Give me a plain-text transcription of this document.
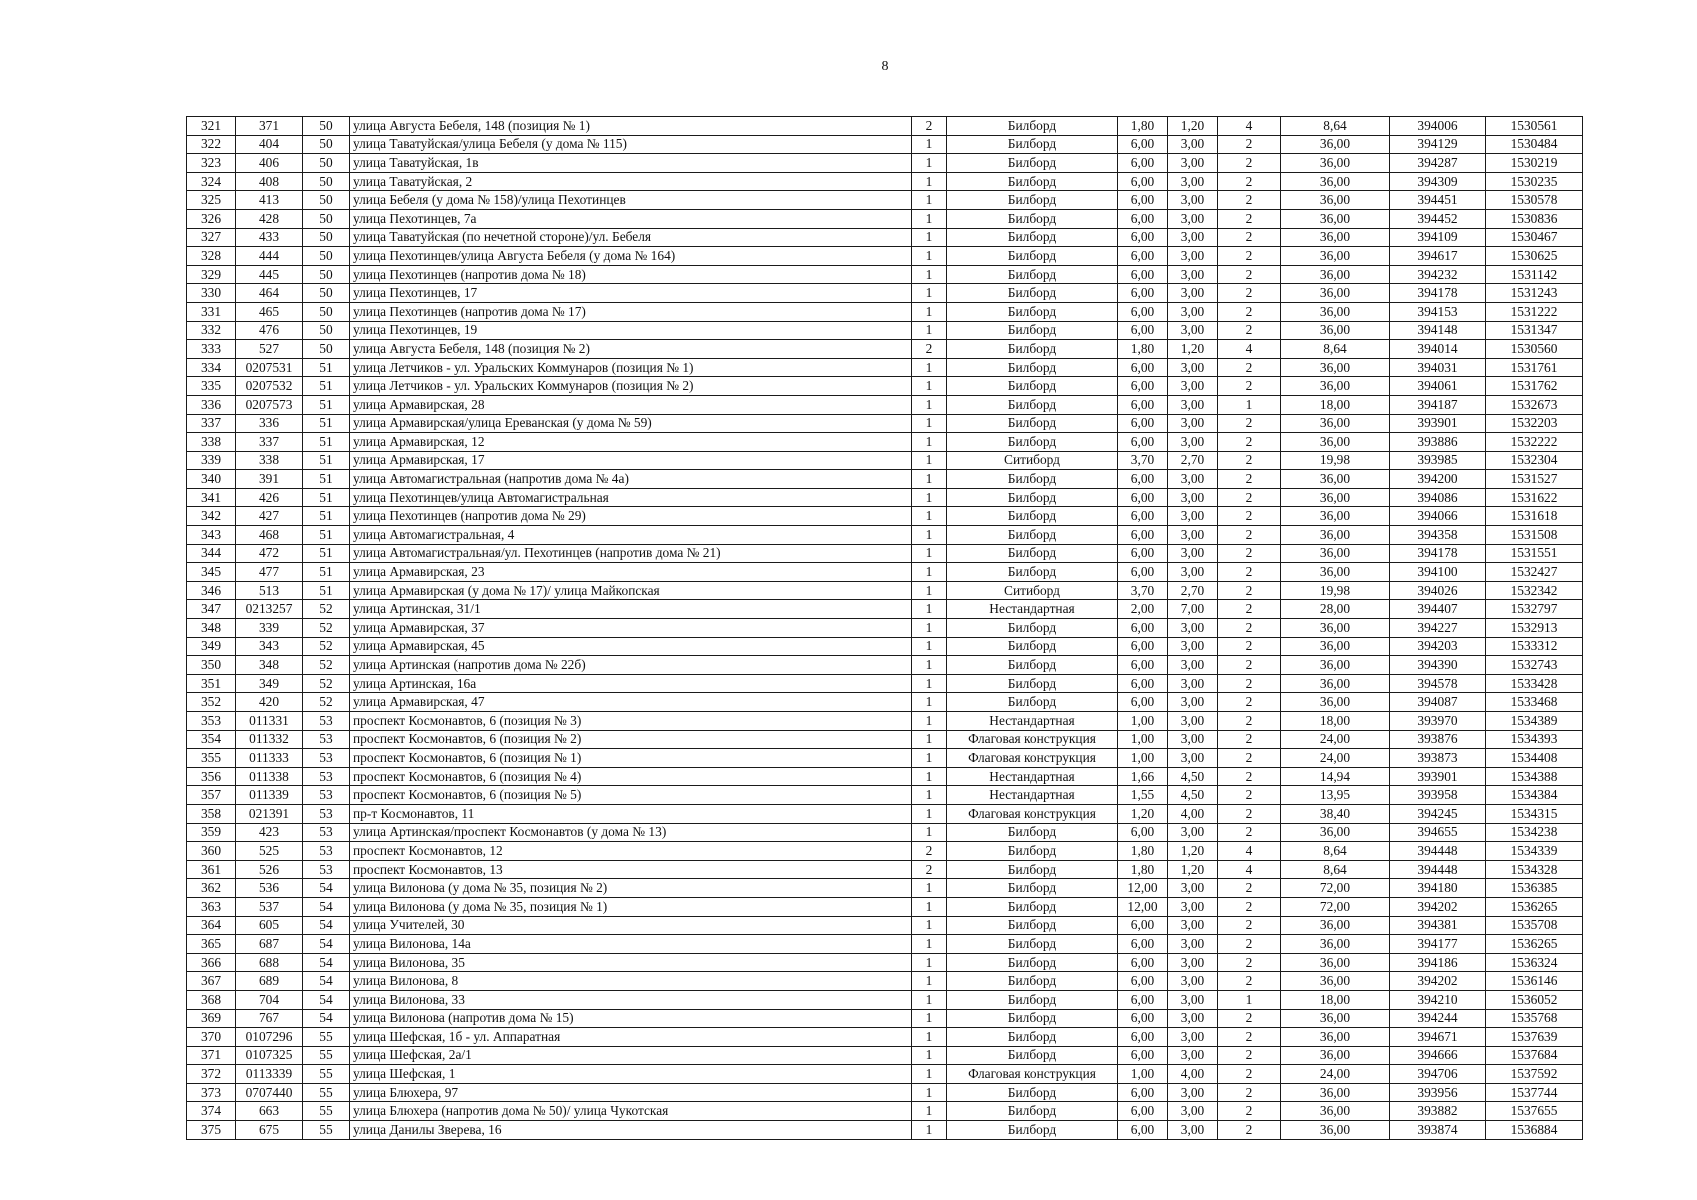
8
321	371	50	улица Августа Бебеля, 148 (позиция № 1)	2	Билборд	1,80	1,20	4	8,64	394006	1530561
322	404	50	улица Таватуйская/улица Бебеля (у дома № 115)	1	Билборд	6,00	3,00	2	36,00	394129	1530484
323	406	50	улица Таватуйская, 1в	1	Билборд	6,00	3,00	2	36,00	394287	1530219
324	408	50	улица Таватуйская, 2	1	Билборд	6,00	3,00	2	36,00	394309	1530235
325	413	50	улица Бебеля (у дома № 158)/улица Пехотинцев	1	Билборд	6,00	3,00	2	36,00	394451	1530578
326	428	50	улица Пехотинцев, 7а	1	Билборд	6,00	3,00	2	36,00	394452	1530836
327	433	50	улица Таватуйская (по нечетной стороне)/ул. Бебеля	1	Билборд	6,00	3,00	2	36,00	394109	1530467
328	444	50	улица Пехотинцев/улица Августа Бебеля (у дома № 164)	1	Билборд	6,00	3,00	2	36,00	394617	1530625
329	445	50	улица Пехотинцев (напротив дома № 18)	1	Билборд	6,00	3,00	2	36,00	394232	1531142
330	464	50	улица Пехотинцев, 17	1	Билборд	6,00	3,00	2	36,00	394178	1531243
331	465	50	улица Пехотинцев (напротив дома № 17)	1	Билборд	6,00	3,00	2	36,00	394153	1531222
332	476	50	улица Пехотинцев, 19	1	Билборд	6,00	3,00	2	36,00	394148	1531347
333	527	50	улица Августа Бебеля, 148 (позиция № 2)	2	Билборд	1,80	1,20	4	8,64	394014	1530560
334	0207531	51	улица Летчиков - ул. Уральских Коммунаров (позиция № 1)	1	Билборд	6,00	3,00	2	36,00	394031	1531761
335	0207532	51	улица Летчиков - ул. Уральских Коммунаров (позиция № 2)	1	Билборд	6,00	3,00	2	36,00	394061	1531762
336	0207573	51	улица Армавирская, 28	1	Билборд	6,00	3,00	1	18,00	394187	1532673
337	336	51	улица Армавирская/улица Ереванская (у дома № 59)	1	Билборд	6,00	3,00	2	36,00	393901	1532203
338	337	51	улица Армавирская, 12	1	Билборд	6,00	3,00	2	36,00	393886	1532222
339	338	51	улица Армавирская, 17	1	Ситиборд	3,70	2,70	2	19,98	393985	1532304
340	391	51	улица Автомагистральная (напротив дома № 4а)	1	Билборд	6,00	3,00	2	36,00	394200	1531527
341	426	51	улица Пехотинцев/улица Автомагистральная	1	Билборд	6,00	3,00	2	36,00	394086	1531622
342	427	51	улица Пехотинцев (напротив дома № 29)	1	Билборд	6,00	3,00	2	36,00	394066	1531618
343	468	51	улица Автомагистральная, 4	1	Билборд	6,00	3,00	2	36,00	394358	1531508
344	472	51	улица Автомагистральная/ул. Пехотинцев (напротив дома № 21)	1	Билборд	6,00	3,00	2	36,00	394178	1531551
345	477	51	улица Армавирская, 23	1	Билборд	6,00	3,00	2	36,00	394100	1532427
346	513	51	улица Армавирская (у дома № 17)/ улица Майкопская	1	Ситиборд	3,70	2,70	2	19,98	394026	1532342
347	0213257	52	улица Артинская, 31/1	1	Нестандартная	2,00	7,00	2	28,00	394407	1532797
348	339	52	улица Армавирская, 37	1	Билборд	6,00	3,00	2	36,00	394227	1532913
349	343	52	улица Армавирская, 45	1	Билборд	6,00	3,00	2	36,00	394203	1533312
350	348	52	улица Артинская (напротив дома № 22б)	1	Билборд	6,00	3,00	2	36,00	394390	1532743
351	349	52	улица Артинская, 16а	1	Билборд	6,00	3,00	2	36,00	394578	1533428
352	420	52	улица Армавирская, 47	1	Билборд	6,00	3,00	2	36,00	394087	1533468
353	011331	53	проспект Космонавтов, 6 (позиция № 3)	1	Нестандартная	1,00	3,00	2	18,00	393970	1534389
354	011332	53	проспект Космонавтов, 6 (позиция № 2)	1	Флаговая конструкция	1,00	3,00	2	24,00	393876	1534393
355	011333	53	проспект Космонавтов, 6 (позиция № 1)	1	Флаговая конструкция	1,00	3,00	2	24,00	393873	1534408
356	011338	53	проспект Космонавтов, 6 (позиция № 4)	1	Нестандартная	1,66	4,50	2	14,94	393901	1534388
357	011339	53	проспект Космонавтов, 6 (позиция № 5)	1	Нестандартная	1,55	4,50	2	13,95	393958	1534384
358	021391	53	пр-т Космонавтов, 11	1	Флаговая конструкция	1,20	4,00	2	38,40	394245	1534315
359	423	53	улица Артинская/проспект Космонавтов (у дома № 13)	1	Билборд	6,00	3,00	2	36,00	394655	1534238
360	525	53	проспект Космонавтов, 12	2	Билборд	1,80	1,20	4	8,64	394448	1534339
361	526	53	проспект Космонавтов, 13	2	Билборд	1,80	1,20	4	8,64	394448	1534328
362	536	54	улица Вилонова (у дома № 35, позиция № 2)	1	Билборд	12,00	3,00	2	72,00	394180	1536385
363	537	54	улица Вилонова (у дома № 35, позиция № 1)	1	Билборд	12,00	3,00	2	72,00	394202	1536265
364	605	54	улица Учителей, 30	1	Билборд	6,00	3,00	2	36,00	394381	1535708
365	687	54	улица Вилонова, 14а	1	Билборд	6,00	3,00	2	36,00	394177	1536265
366	688	54	улица Вилонова, 35	1	Билборд	6,00	3,00	2	36,00	394186	1536324
367	689	54	улица Вилонова, 8	1	Билборд	6,00	3,00	2	36,00	394202	1536146
368	704	54	улица Вилонова, 33	1	Билборд	6,00	3,00	1	18,00	394210	1536052
369	767	54	улица Вилонова (напротив дома № 15)	1	Билборд	6,00	3,00	2	36,00	394244	1535768
370	0107296	55	улица Шефская, 1б - ул. Аппаратная	1	Билборд	6,00	3,00	2	36,00	394671	1537639
371	0107325	55	улица Шефская, 2а/1	1	Билборд	6,00	3,00	2	36,00	394666	1537684
372	0113339	55	улица Шефская, 1	1	Флаговая конструкция	1,00	4,00	2	24,00	394706	1537592
373	0707440	55	улица Блюхера, 97	1	Билборд	6,00	3,00	2	36,00	393956	1537744
374	663	55	улица Блюхера (напротив дома № 50)/ улица Чукотская	1	Билборд	6,00	3,00	2	36,00	393882	1537655
375	675	55	улица Данилы Зверева, 16	1	Билборд	6,00	3,00	2	36,00	393874	1536884
